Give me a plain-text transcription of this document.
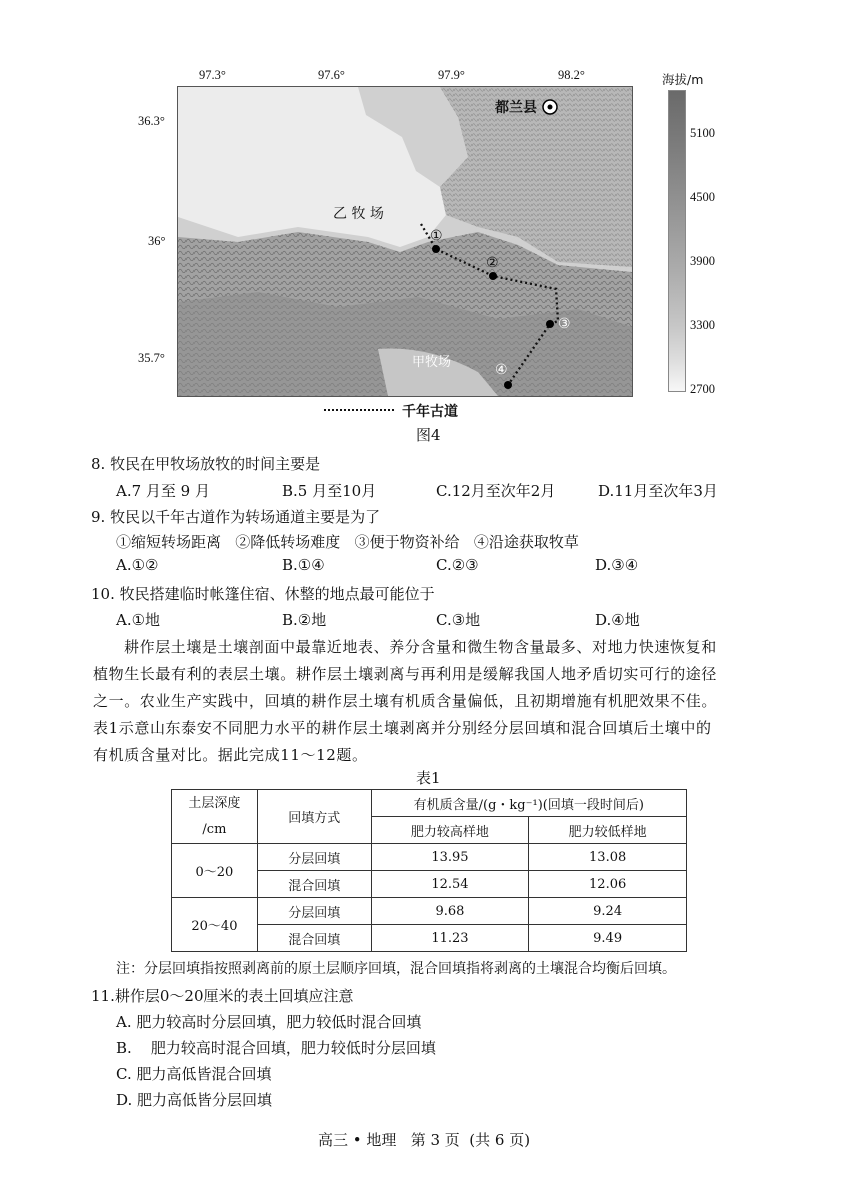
97.3°	97.6°	97.9°	98.2°
36.3°
36°
35.7°
都兰县
乙 牧 场
甲牧场
①
②
③
④
海拔/m
5100
4500
3900
3300
2700
千年古道
图4
8. 牧民在甲牧场放牧的时间主要是
A.7 月至 9 月	B.5 月至10月	C.12月至次年2月	D.11月至次年3月
9. 牧民以千年古道作为转场通道主要是为了
①缩短转场距离   ②降低转场难度   ③便于物资补给   ④沿途获取牧草
A.①②	B.①④	C.②③	D.③④
10. 牧民搭建临时帐篷住宿、休整的地点最可能位于
A.①地	B.②地	C.③地	D.④地
耕作层土壤是土壤剖面中最靠近地表、养分含量和微生物含量最多、对地力快速恢复和
植物生长最有利的表层土壤。耕作层土壤剥离与再利用是缓解我国人地矛盾切实可行的途径
之一。农业生产实践中，回填的耕作层土壤有机质含量偏低，且初期增施有机肥效果不佳。
表1示意山东泰安不同肥力水平的耕作层土壤剥离并分别经分层回填和混合回填后土壤中的
有机质含量对比。据此完成11～12题。
表1
土层深度
/cm	回填方式	有机质含量/(g・kg⁻¹)(回填一段时间后)	
		肥力较高样地	肥力较低样地
0～20	分层回填	13.95	13.08
	混合回填	12.54	12.06
20～40	分层回填	9.68	9.24
	混合回填	11.23	9.49
注：分层回填指按照剥离前的原土层顺序回填，混合回填指将剥离的土壤混合均衡后回填。
11.耕作层0～20厘米的表土回填应注意
A. 肥力较高时分层回填，肥力较低时混合回填
B.    肥力较高时混合回填，肥力较低时分层回填
C. 肥力高低皆混合回填
D. 肥力高低皆分层回填
高三 • 地理   第 3 页  (共 6 页)
